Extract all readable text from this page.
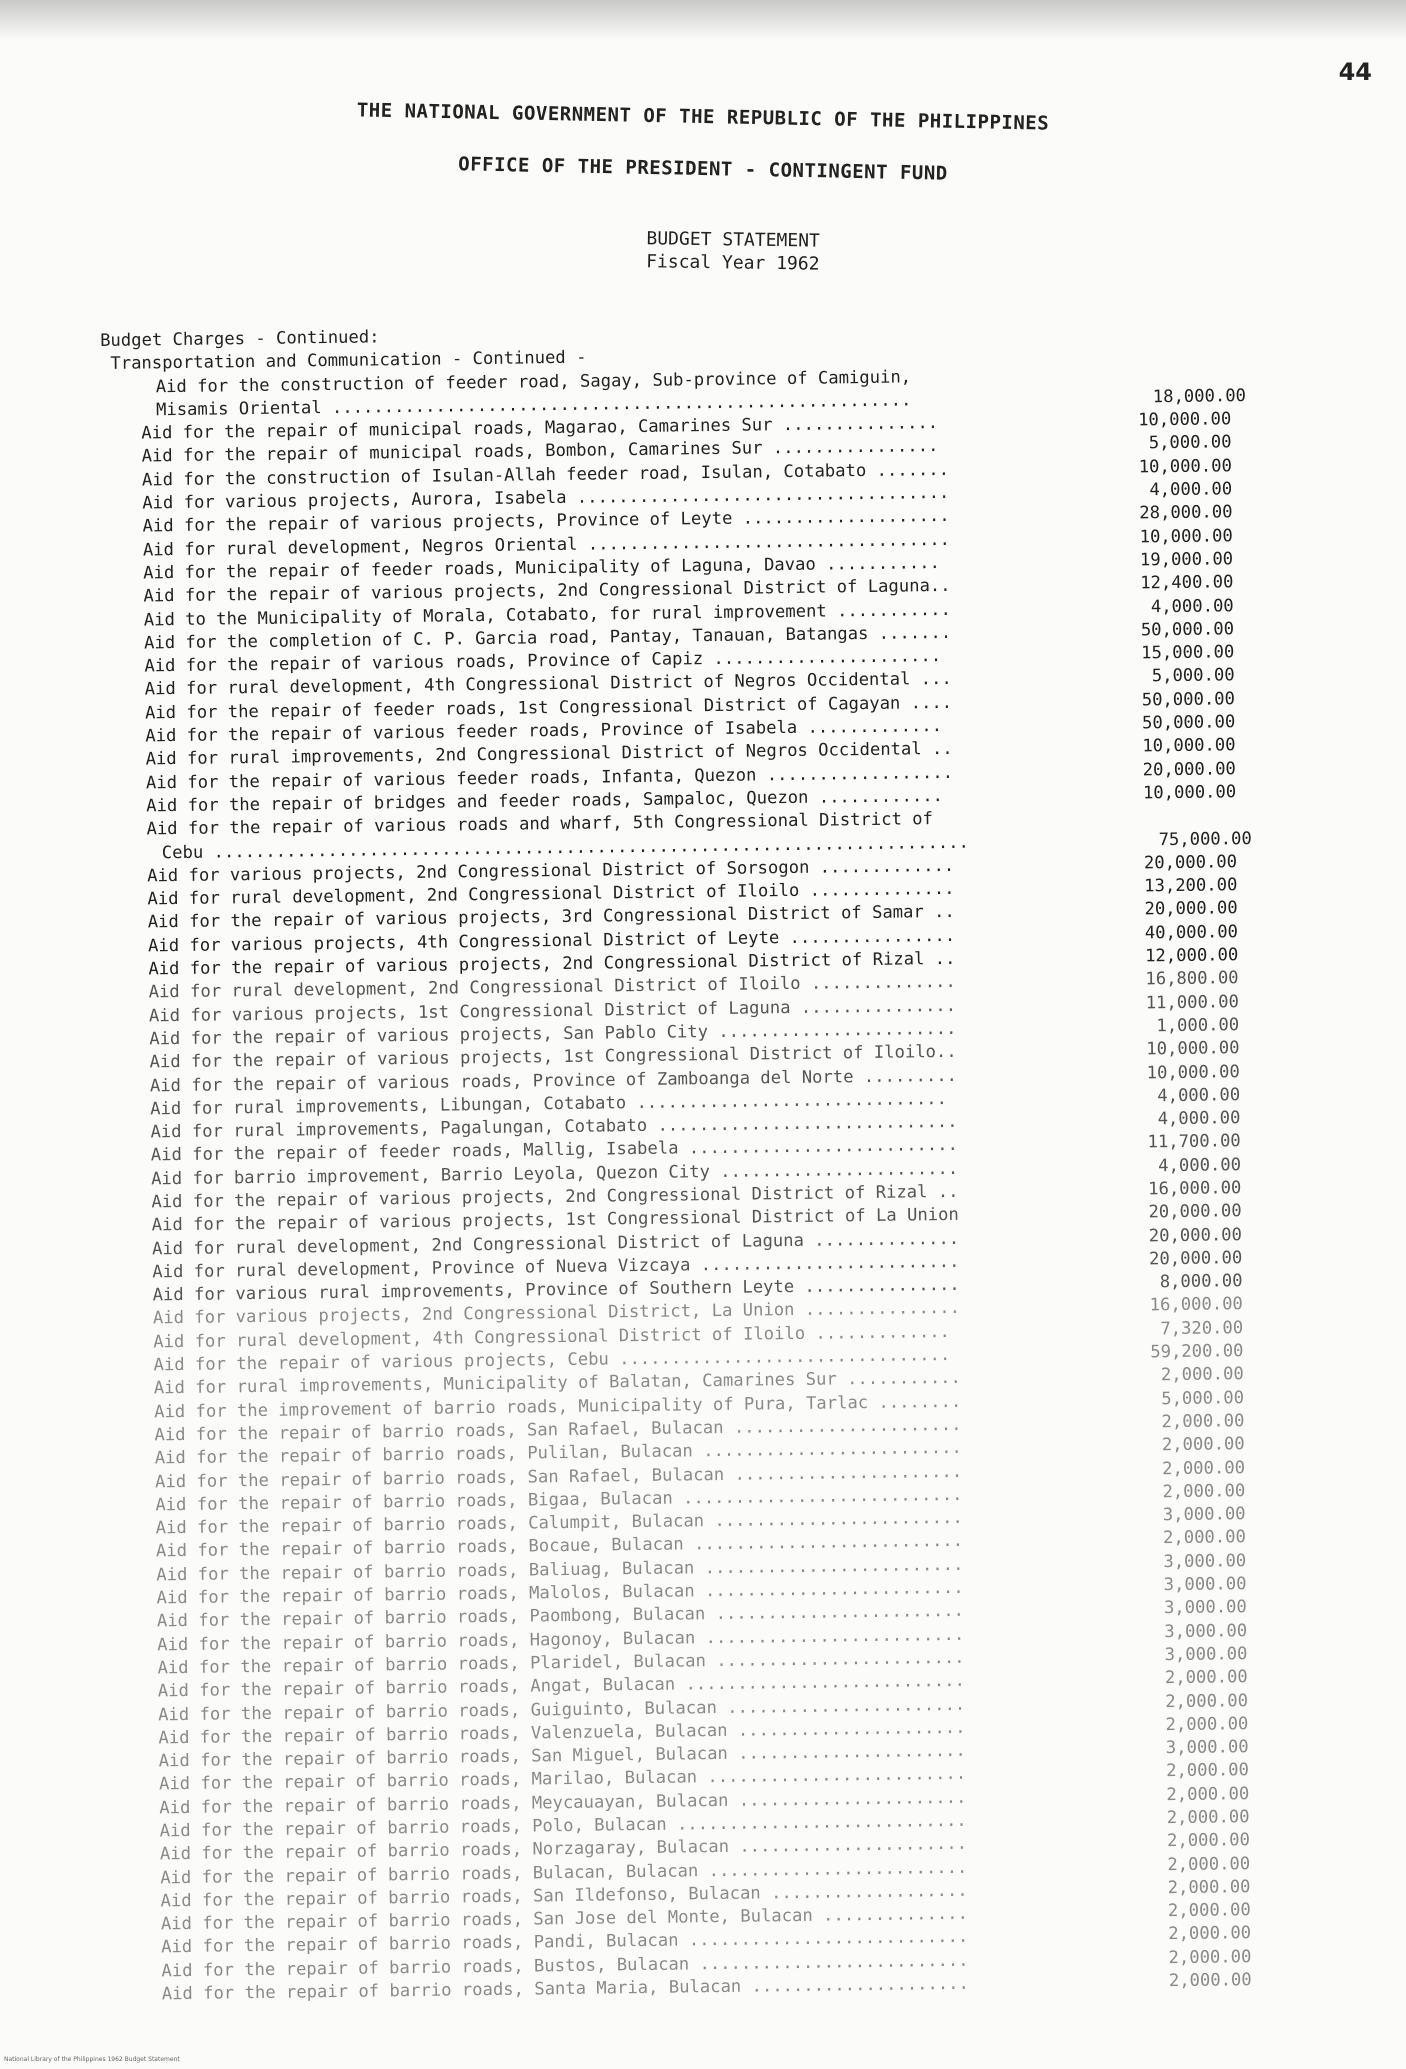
44
THE NATIONAL GOVERNMENT OF THE REPUBLIC OF THE PHILIPPINES
OFFICE OF THE PRESIDENT - CONTINGENT FUND
BUDGET STATEMENT
Fiscal Year 1962
Budget Charges - Continued:
Transportation and Communication - Continued -
Aid for the construction of feeder road, Sagay, Sub-province of Camiguin,
Misamis Oriental ........................................................	18,000.00
Aid for the repair of municipal roads, Magarao, Camarines Sur ...............	10,000.00
Aid for the repair of municipal roads, Bombon, Camarines Sur ................	5,000.00
Aid for the construction of Isulan-Allah feeder road, Isulan, Cotabato .......	10,000.00
Aid for various projects, Aurora, Isabela ....................................	4,000.00
Aid for the repair of various projects, Province of Leyte ....................	28,000.00
Aid for rural development, Negros Oriental ...................................	10,000.00
Aid for the repair of feeder roads, Municipality of Laguna, Davao ...........	19,000.00
Aid for the repair of various projects, 2nd Congressional District of Laguna..	12,400.00
Aid to the Municipality of Morala, Cotabato, for rural improvement ...........	4,000.00
Aid for the completion of C. P. Garcia road, Pantay, Tanauan, Batangas .......	50,000.00
Aid for the repair of various roads, Province of Capiz ......................	15,000.00
Aid for rural development, 4th Congressional District of Negros Occidental ...	5,000.00
Aid for the repair of feeder roads, 1st Congressional District of Cagayan ....	50,000.00
Aid for the repair of various feeder roads, Province of Isabela .............	50,000.00
Aid for rural improvements, 2nd Congressional District of Negros Occidental ..	10,000.00
Aid for the repair of various feeder roads, Infanta, Quezon ..................	20,000.00
Aid for the repair of bridges and feeder roads, Sampaloc, Quezon ............	10,000.00
Aid for the repair of various roads and wharf, 5th Congressional District of
Cebu .........................................................................	75,000.00
Aid for various projects, 2nd Congressional District of Sorsogon .............	20,000.00
Aid for rural development, 2nd Congressional District of Iloilo ..............	13,200.00
Aid for the repair of various projects, 3rd Congressional District of Samar ..	20,000.00
Aid for various projects, 4th Congressional District of Leyte ................	40,000.00
Aid for the repair of various projects, 2nd Congressional District of Rizal ..	12,000.00
Aid for rural development, 2nd Congressional District of Iloilo ..............	16,800.00
Aid for various projects, 1st Congressional District of Laguna ...............	11,000.00
Aid for the repair of various projects, San Pablo City .......................	1,000.00
Aid for the repair of various projects, 1st Congressional District of Iloilo..	10,000.00
Aid for the repair of various roads, Province of Zamboanga del Norte .........	10,000.00
Aid for rural improvements, Libungan, Cotabato ..............................	4,000.00
Aid for rural improvements, Pagalungan, Cotabato .............................	4,000.00
Aid for the repair of feeder roads, Mallig, Isabela ..........................	11,700.00
Aid for barrio improvement, Barrio Leyola, Quezon City .......................	4,000.00
Aid for the repair of various projects, 2nd Congressional District of Rizal ..	16,000.00
Aid for the repair of various projects, 1st Congressional District of La Union	20,000.00
Aid for rural development, 2nd Congressional District of Laguna ..............	20,000.00
Aid for rural development, Province of Nueva Vizcaya .........................	20,000.00
Aid for various rural improvements, Province of Southern Leyte ...............	8,000.00
Aid for various projects, 2nd Congressional District, La Union ...............	16,000.00
Aid for rural development, 4th Congressional District of Iloilo .............	7,320.00
Aid for the repair of various projects, Cebu ................................	59,200.00
Aid for rural improvements, Municipality of Balatan, Camarines Sur ...........	2,000.00
Aid for the improvement of barrio roads, Municipality of Pura, Tarlac ........	5,000.00
Aid for the repair of barrio roads, San Rafael, Bulacan ......................	2,000.00
Aid for the repair of barrio roads, Pulilan, Bulacan .........................	2,000.00
Aid for the repair of barrio roads, San Rafael, Bulacan ......................	2,000.00
Aid for the repair of barrio roads, Bigaa, Bulacan ...........................	2,000.00
Aid for the repair of barrio roads, Calumpit, Bulacan ........................	3,000.00
Aid for the repair of barrio roads, Bocaue, Bulacan ..........................	2,000.00
Aid for the repair of barrio roads, Baliuag, Bulacan .........................	3,000.00
Aid for the repair of barrio roads, Malolos, Bulacan .........................	3,000.00
Aid for the repair of barrio roads, Paombong, Bulacan ........................	3,000.00
Aid for the repair of barrio roads, Hagonoy, Bulacan .........................	3,000.00
Aid for the repair of barrio roads, Plaridel, Bulacan ........................	3,000.00
Aid for the repair of barrio roads, Angat, Bulacan ...........................	2,000.00
Aid for the repair of barrio roads, Guiguinto, Bulacan .......................	2,000.00
Aid for the repair of barrio roads, Valenzuela, Bulacan ......................	2,000.00
Aid for the repair of barrio roads, San Miguel, Bulacan ......................	3,000.00
Aid for the repair of barrio roads, Marilao, Bulacan .........................	2,000.00
Aid for the repair of barrio roads, Meycauayan, Bulacan ......................	2,000.00
Aid for the repair of barrio roads, Polo, Bulacan ............................	2,000.00
Aid for the repair of barrio roads, Norzagaray, Bulacan ......................	2,000.00
Aid for the repair of barrio roads, Bulacan, Bulacan .........................	2,000.00
Aid for the repair of barrio roads, San Ildefonso, Bulacan ...................	2,000.00
Aid for the repair of barrio roads, San Jose del Monte, Bulacan ..............	2,000.00
Aid for the repair of barrio roads, Pandi, Bulacan ...........................	2,000.00
Aid for the repair of barrio roads, Bustos, Bulacan ..........................	2,000.00
Aid for the repair of barrio roads, Santa Maria, Bulacan .....................	2,000.00
National Library of the Philippines 1962 Budget Statement
